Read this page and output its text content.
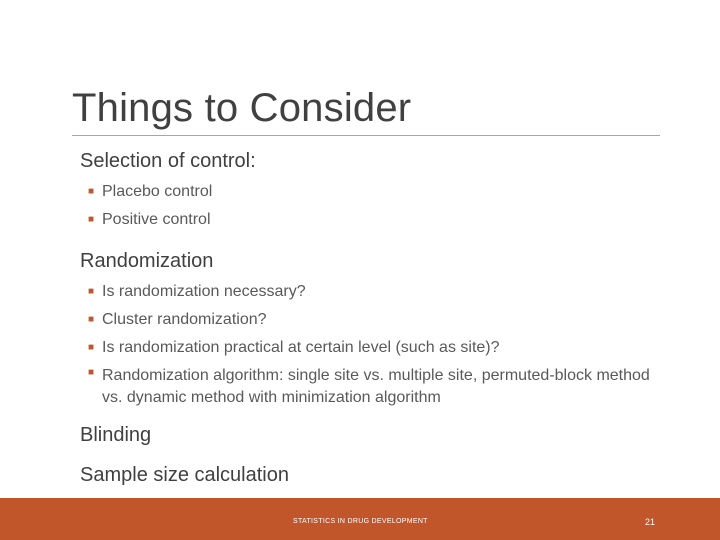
Things to Consider
Selection of control:
■ Placebo control
■ Positive control
Randomization
■ Is randomization necessary?
■ Cluster randomization?
■ Is randomization practical at certain level (such as site)?
■ Randomization algorithm: single site vs. multiple site, permuted-block method vs. dynamic method with minimization algorithm
Blinding
Sample size calculation
STATISTICS IN DRUG DEVELOPMENT	21
